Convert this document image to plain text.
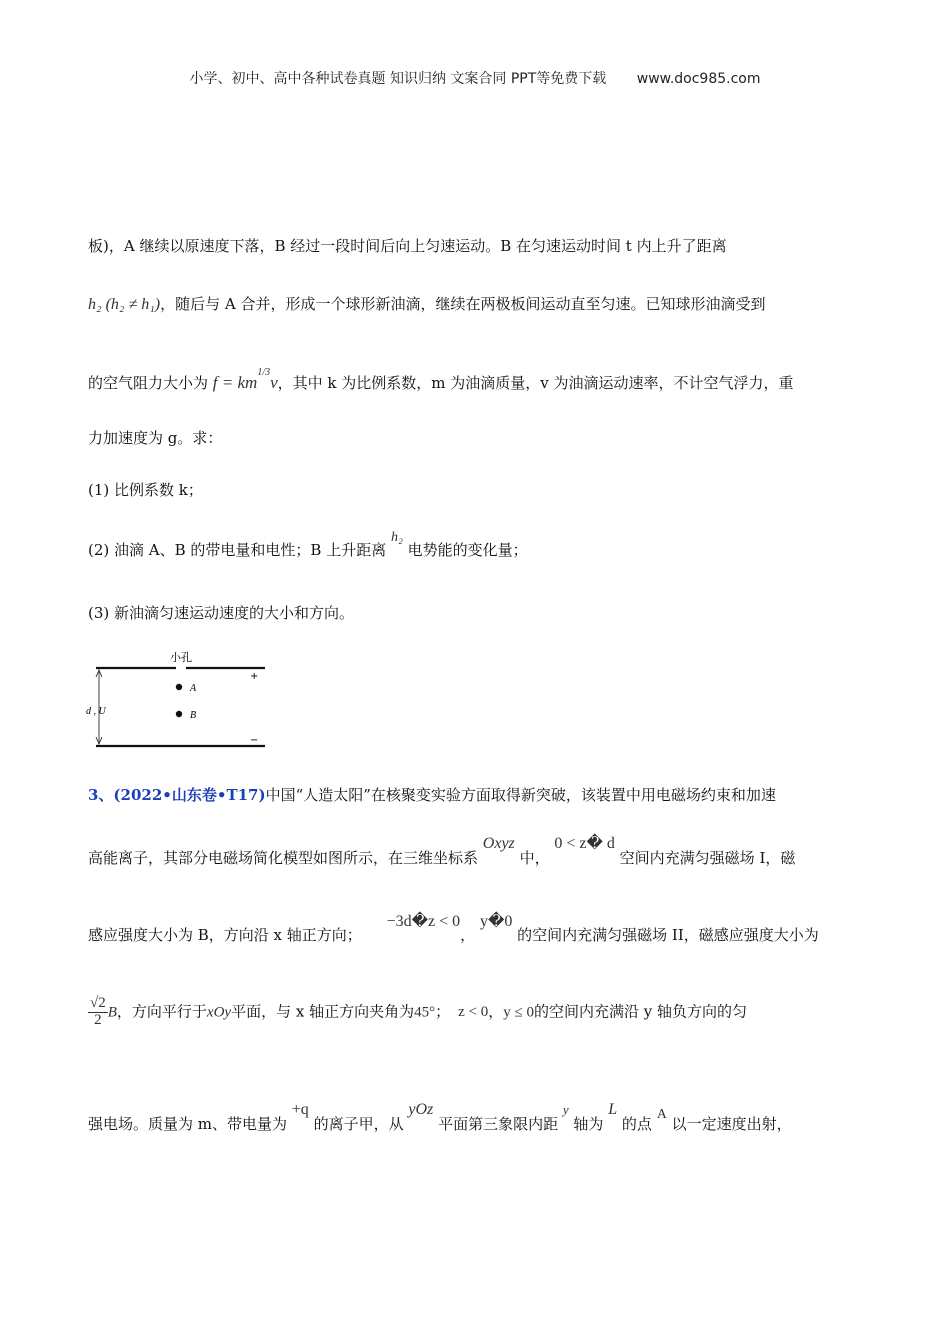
小学、初中、高中各种试卷真题 知识归纳 文案合同 PPT等免费下载 www.doc985.com
板)，A 继续以原速度下落，B 经过一段时间后向上匀速运动。B 在匀速运动时间 t 内上升了距离
h₂ (h₂ ≠ h₁)，随后与 A 合并，形成一个球形新油滴，继续在两极板间运动直至匀速。已知球形油滴受到
的空气阻力大小为 $f = km^{1/3}v$，其中 k 为比例系数，m 为油滴质量，v 为油滴运动速率，不计空气浮力，重
力加速度为 g。求：
(1) 比例系数 k；
(2) 油滴 A、B 的带电量和电性；B 上升距离 h₂ 电势能的变化量；
(3) 新油滴匀速运动速度的大小和方向。
小孔
A
B
d , U
+
−
3、(2022•山东卷•T17)中国“人造太阳”在核聚变实验方面取得新突破，该装置中用电磁场约束和加速
高能离子，其部分电磁场简化模型如图所示，在三维坐标系 Oxyz 中， 0 < z� d 空间内充满匀强磁场 I，磁
感应强度大小为 B，方向沿 x 轴正方向； −3d�z < 0， y�0 的空间内充满匀强磁场 II，磁感应强度大小为
$\frac{√2}{2}$ B，方向平行于xOy平面，与 x 轴正方向夹角为45°； z < 0，y ≤ 0的空间内充满沿 y 轴负方向的匀
强电场。质量为 m、带电量为 +q 的离子甲，从 yOz 平面第三象限内距 y 轴为 L 的点 A 以一定速度出射，
